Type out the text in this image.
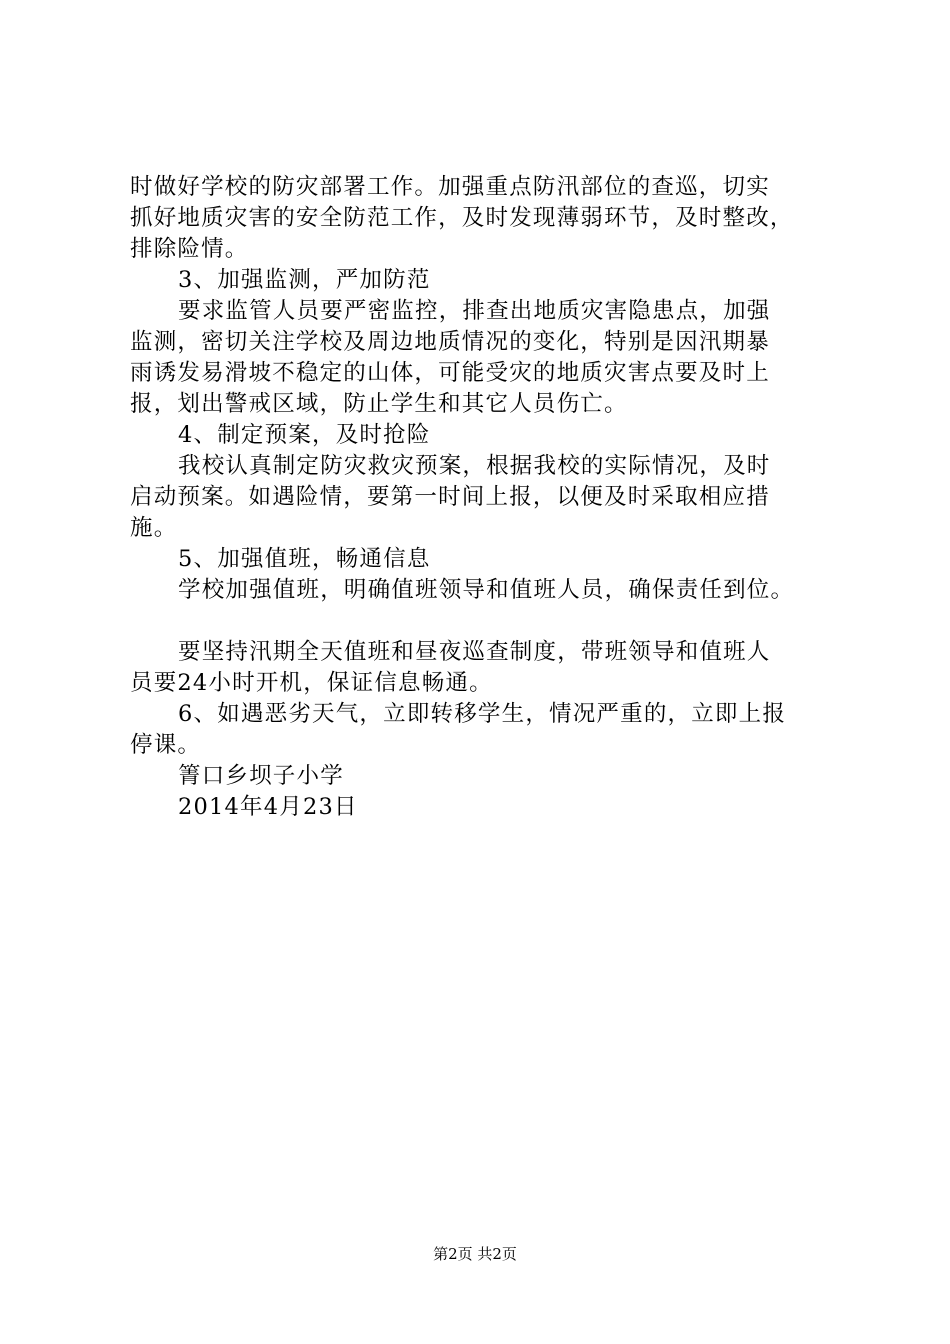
时做好学校的防灾部署工作。加强重点防汛部位的查巡，切实
抓好地质灾害的安全防范工作，及时发现薄弱环节，及时整改，
排除险情。
3、加强监测，严加防范
要求监管人员要严密监控，排查出地质灾害隐患点，加强
监测，密切关注学校及周边地质情况的变化，特别是因汛期暴
雨诱发易滑坡不稳定的山体，可能受灾的地质灾害点要及时上
报，划出警戒区域，防止学生和其它人员伤亡。
4、制定预案，及时抢险
我校认真制定防灾救灾预案，根据我校的实际情况，及时
启动预案。如遇险情，要第一时间上报，以便及时采取相应措
施。
5、加强值班，畅通信息
学校加强值班，明确值班领导和值班人员，确保责任到位。
要坚持汛期全天值班和昼夜巡查制度，带班领导和值班人
员要24小时开机，保证信息畅通。
6、如遇恶劣天气，立即转移学生，情况严重的，立即上报
停课。
箐口乡坝子小学
2014年4月23日
第2页 共2页
